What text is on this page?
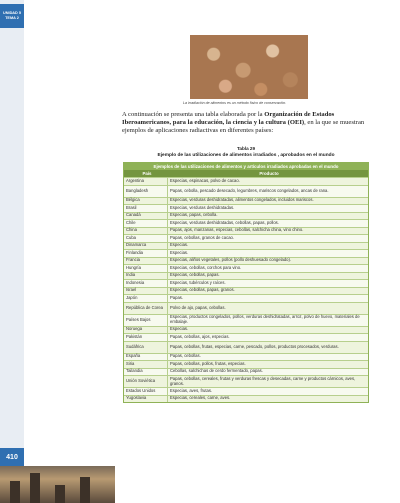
UNIDAD 5
TEMA 2
410
La irradiación de alimentos es un método físico de conservación.

A continuación se presenta una tabla elaborada por la Organización de Estados Iberoamericanos, para la educación, la ciencia y la cultura (OEI), en la que se muestran ejemplos de aplicaciones radiactivas en diferentes países:

Tabla 29
Ejemplo de las utilizaciones de alimentos irradiados , aprobados en el mundo
Ejemplos de las utilizaciones de alimentos y artículos irradiados aprobadas en el mundo
País	Producto
Argentina	Especias, espinacas, polvo de cacao.
Bangladesh	Papas, cebolla, pescado desecado, legumbres, mariscos congelados, ancas de rana.
Bélgica	Especias, verduras deshidratadas, alimentos congelados, incluidos mariscos.
Brasil	Especias, verduras deshidratadas.
Canadá	Especias, papas, cebolla.
Chile	Especias, verduras deshidratadas, cebollas, papas, pollos.
China	Papas, ajos, manzanas, especias, cebollas, salchicha china, vino chino.
Cuba	Papas, cebollas, granos de cacao.
Dinamarca	Especias.
Finlandia	Especias.
Francia	Especias, aliños vegetales, pollos (pollo deshuesado congelado).
Hungría	Especias, cebollas, corchos para vino.
India	Especias, cebollas, papas.
Indonesia	Especias, tubérculos y raíces.
Israel	Especias, cebollas, papas, granos.
Japón	Papas.
República de Corea	Polvo de ajo, papas, cebollas.
Países Bajos	Especias, productos congelados, pollos, verduras deshidratadas, arroz, polvo de huevo, materiales de embalaje.
Noruega	Especias.
Pakistán	Papas, cebollas, ajos, especias.
Sudáfrica	Papas, cebollas, frutas, especias, carne, pescado, pollos, productos procesados, verduras.
España	Papas, cebollas.
Siria	Papas, cebollas, pollos, frutas, especias.
Tailandia	Cebollas, salchichas de cerdo fermentado, papas.
Unión Soviética	Papas, cebollas, cereales, frutas y verduras frescas y desecadas, carne y productos cárnicos, aves, granos.
Estados Unidos	Especias, aves, frutas.
Yugoslavia	Especias, cereales, carne, aves.
